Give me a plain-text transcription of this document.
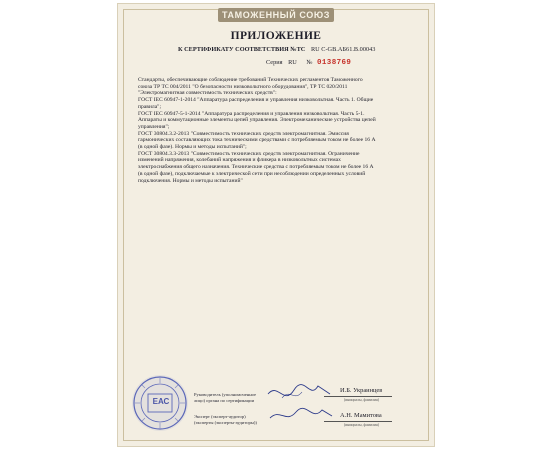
ТАМОЖЕННЫЙ СОЮЗ
ПРИЛОЖЕНИЕ
К СЕРТИФИКАТУ СООТВЕТСТВИЯ №ТС RU C-GB.АБ61.В.00043
Серия RU № 0138769

Стандарты, обеспечивающие соблюдение требований Технических регламентов Таможенного

союза ТР ТС 004/2011 "О безопасности низковольтного оборудования", ТР ТС 020/2011

"Электромагнитная совместимость технических средств":

ГОСТ IEC 60947-1-2014 "Аппаратура распределения и управления низковольтная. Часть 1. Общие

правила";

ГОСТ IEC 60947-5-1-2014 "Аппаратура распределения и управления низковольтная. Часть 5-1.

Аппараты и коммутационные элементы цепей управления. Электромеханические устройства цепей

управления";

ГОСТ 30804.3.2-2013 "Совместимость технических средств электромагнитная. Эмиссия

гармонических составляющих тока техническими средствами с потребляемым током не более 16 А

(в одной фазе). Нормы и методы испытаний";

ГОСТ 30804.3.3-2013 "Совместимость технических средств электромагнитная. Ограничение

изменений напряжения, колебаний напряжения и фликера в низковольтных системах

электроснабжения общего назначения. Технические средства с потребляемым током не более 16 А

(в одной фазе), подключаемые к электрической сети при несоблюдении определенных условий

подключения. Нормы и методы испытаний"

ЕАС

Руководитель (уполномоченное

лицо) органа по сертификации

Эксперт (эксперт-аудитор)

(эксперты (эксперты-аудиторы))

И.Б. Украинцев
(инициалы, фамилия)
А.Н. Мамитова
(инициалы, фамилия)
